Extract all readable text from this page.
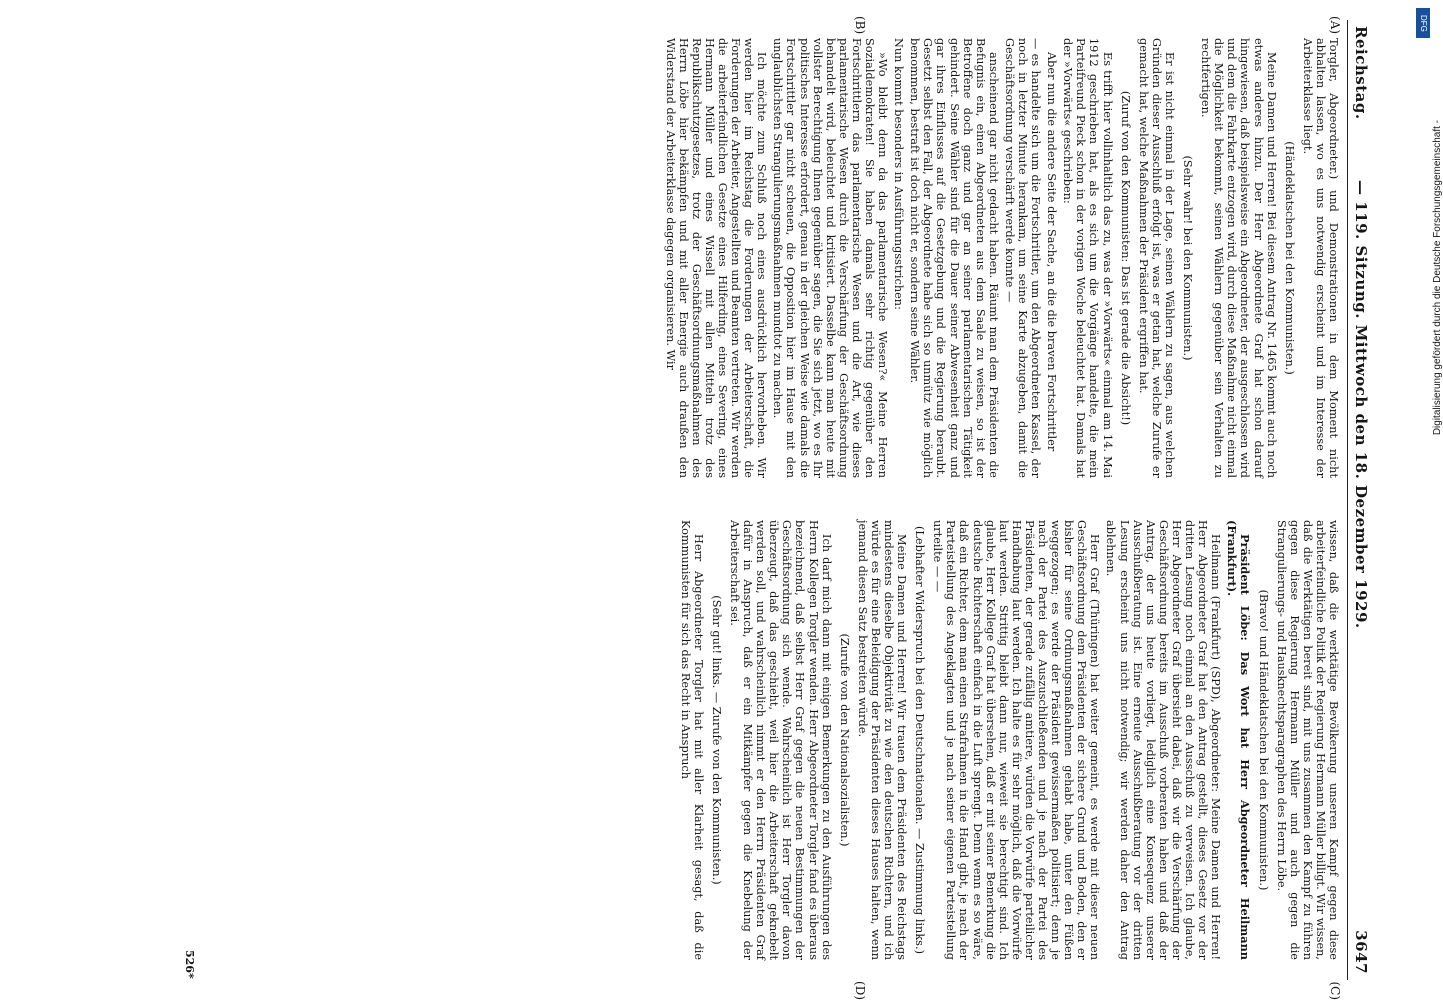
Reichstag.
— 119. Sitzung. Mittwoch den 18. Dezember 1929.
3647
(A)
(B)
(C)
(D)

Torgler, Abgeordneter.) und Demonstrationen in dem Moment nicht abhalten lassen, wo es uns notwendig erscheint und im Interesse der Arbeiterklasse liegt.

(Händeklatschen bei den Kommunisten.)

Meine Damen und Herren! Bei diesem Antrag Nr. 1465 kommt auch noch etwas anderes hinzu. Der Herr Abgeordnete Graf hat schon darauf hingewiesen, daß beispielsweise ein Abgeordneter, der ausgeschlossen wird und dem die Fahrkarte entzogen wird, durch diese Maßnahme nicht einmal die Möglichkeit bekommt, seinen Wählern gegenüber sein Verhalten zu rechtfertigen.

(Sehr wahr! bei den Kommunisten.)

Er ist nicht einmal in der Lage, seinen Wählern zu sagen, aus welchen Gründen dieser Ausschluß erfolgt ist, was er getan hat, welche Zurufe er gemacht hat, welche Maßnahmen der Präsident ergriffen hat.

(Zuruf von den Kommunisten: Das ist gerade die Absicht!)

Es trifft hier vollinhaltlich das zu, was der »Vorwärts« einmal am 14. Mai 1912 geschrieben hat, als es sich um die Vorgänge handelte, die mein Parteifreund Pieck schon in der vorigen Woche beleuchtet hat. Damals hat der »Vorwärts« geschrieben:

Aber nun die andere Seite der Sache, an die die braven Fortschrittler

— es handelte sich um die Fortschrittler, um den Abgeordneten Kassel, der noch in letzter Minute herankam, um seine Karte abzugeben, damit die Geschäftsordnung verschärft werde konnte —

anscheinend gar nicht gedacht haben. Räumt man dem Präsidenten die Befugnis ein, einen Abgeordneten aus dem Saale zu weisen, so ist der Betroffene doch ganz und gar an seiner parlamentarischen Tätigkeit gehindert. Seine Wähler sind für die Dauer seiner Abwesenheit ganz und gar ihres Einflusses auf die Gesetzgebung und die Regierung beraubt. Gesetzt selbst den Fall, der Abgeordnete habe sich so unmütz wie möglich benommen, bestraft ist doch nicht er, sondern seine Wähler.

Nun kommt besonders in Ausführungsstrichen:

»Wo bleibt denn da das parlamentarische Wesen?« Meine Herren Sozialdemokraten! Sie haben damals sehr richtig gegenüber den Fortschrittlern das parlamentarische Wesen und die Art, wie dieses parlamentarische Wesen durch die Verschärfung der Geschäftsordnung behandelt wird, beleuchtet und kritisiert. Dasselbe kann man heute mit vollster Berechtigung Ihnen gegenüber sagen, die Sie sich jetzt, wo es Ihr politisches Interesse erfordert, genau in der gleichen Weise wie damals die Fortschrittler gar nicht scheuen, die Opposition hier im Hause mit den unglaublichsten Strangulierungsmaßnahmen mundtot zu machen.

Ich möchte zum Schluß noch eines ausdrücklich hervorheben. Wir werden hier im Reichstag die Forderungen der Arbeiterschaft, die Forderungen der Arbeiter, Angestellten und Beamten vertreten. Wir werden die arbeiterfeindlichen Gesetze eines Hilferding, eines Severing, eines Hermann Müller und eines Wissell mit allen Mitteln trotz des Republikschutzgesetzes, trotz der Geschäftsordnungsmaßnahmen des Herrn Löbe hier bekämpfen und mit aller Energie auch draußen den Widerstand der Arbeiterklasse dagegen organisieren. Wir

wissen, daß die werktätige Bevölkerung unseren Kampf gegen diese arbeiterfeindliche Politik der Regierung Hermann Müller billigt. Wir wissen, daß die Werktätigen bereit sind, mit uns zusammen den Kampf zu führen gegen diese Regierung Hermann Müller und auch gegen die Strangulierungs- und Hausknechtsparagraphen des Herrn Löbe.

(Bravo! und Händeklatschen bei den Kommunisten.)

Präsident Löbe: Das Wort hat Herr Abgeordneter Heilmann (Frankfurt).

Heilmann (Frankfurt) (SPD), Abgeordneter: Meine Damen und Herren! Herr Abgeordneter Graf hat den Antrag gestellt, dieses Gesetz vor der dritten Lesung noch einmal an den Ausschuß zu verweisen. Ich glaube, Herr Abgeordneter Graf übersieht dabei, daß wir die Verschärfung der Geschäftsordnung bereits im Ausschuß vorberaten haben und daß der Antrag, der uns heute vorliegt, lediglich eine Konsequenz unserer Ausschußberatung ist. Eine erneute Ausschußberatung vor der dritten Lesung erscheint uns nicht notwendig; wir werden daher den Antrag ablehnen.

Herr Graf (Thüringen) hat weiter gemeint, es werde mit dieser neuen Geschäftsordnung dem Präsidenten der sichere Grund und Boden, den er bisher für seine Ordnungsmaßnahmen gehabt habe, unter den Füßen weggezogen; es werde der Präsident gewissermaßen politisiert; denn je nach der Partei des Auszuschließenden und je nach der Partei des Präsidenten, der gerade zufällig amtiere, würden die Vorwürfe parteilicher Handhabung laut werden. Ich halte es für sehr möglich, daß die Vorwürfe laut werden. Strittig bleibt dann nur, wieweit sie berechtigt sind. Ich glaube, Herr Kollege Graf hat übersehen, daß er mit seiner Bemerkung die deutsche Richterschaft einfach in die Luft sprengt. Denn wenn es so wäre, daß ein Richter, dem man einen Strafrahmen in die Hand gibt, je nach der Parteistellung des Angeklagten und je nach seiner eigenen Parteistellung urteilte — —

(Lebhafter Widerspruch bei den Deutschnationalen. — Zustimmung links.)

Meine Damen und Herren! Wir trauen dem Präsidenten des Reichstags mindestens dieselbe Objektivität zu wie den deutschen Richtern, und ich würde es für eine Beleidigung der Präsidenten dieses Hauses halten, wenn jemand diesen Satz bestreiten würde.

(Zurufe von den Nationalsozialisten.)

Ich darf mich dann mit einigen Bemerkungen zu den Ausführungen des Herrn Kollegen Torgler wenden. Herr Abgeordneter Torgler fand es überaus bezeichnend, daß selbst Herr Graf gegen die neuen Bestimmungen der Geschäftsordnung sich wende. Wahrscheinlich ist Herr Torgler davon überzeugt, daß das geschieht, weil hier die Arbeiterschaft geknebelt werden soll, und wahrscheinlich nimmt er den Herrn Präsidenten Graf dafür in Anspruch, daß er ein Mitkämpfer gegen die Knebelung der Arbeiterschaft sei.

(Sehr gut! links. — Zurufe von den Kommunisten.)

Herr Abgeordneter Torgler hat mit aller Klarheit gesagt, daß die Kommunisten für sich das Recht in Anspruch

526*
DFG
Digitalisierung gefördert durch die Deutsche Forschungsgemeinschaft -
